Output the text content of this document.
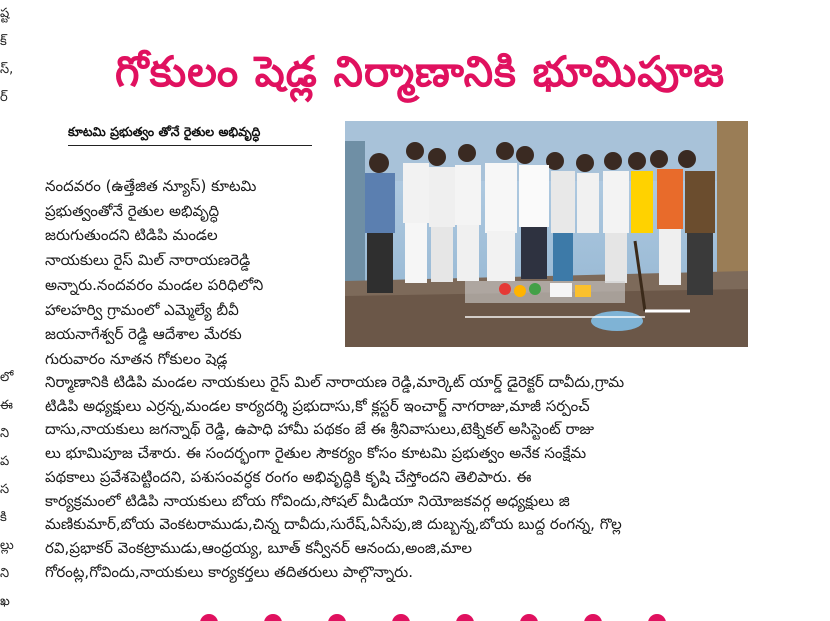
ష్ట
క్
స్,
ర్
లో
ఈ
ని
ప
స
కి
ల్లు
ని
ఖ
గోకులం షెడ్ల నిర్మాణానికి భూమిపూజ
కూటమి ప్రభుత్వం తోనే రైతుల అభివృద్ధి
నందవరం (ఉత్తేజిత న్యూస్) కూటమి
ప్రభుత్వంతోనే రైతుల అభివృద్ధి
జరుగుతుందని టిడిపి మండల
నాయకులు రైస్ మిల్ నారాయణరెడ్డి
అన్నారు.నందవరం మండల పరిధిలోని
హాలహర్వి గ్రామంలో ఎమ్మెల్యే బీవీ
జయనాగేశ్వర్ రెడ్డి ఆదేశాల మేరకు
గురువారం నూతన గోకులం షెడ్ల
నిర్మాణానికి టిడిపి మండల నాయకులు రైస్ మిల్ నారాయణ రెడ్డి,మార్కెట్ యార్డ్ డైరెక్టర్ దావీదు,గ్రామ
టిడిపి అధ్యక్షులు ఎర్రన్న,మండల కార్యదర్శి ప్రభుదాసు,కో క్లస్టర్ ఇంచార్జ్ నాగరాజు,మాజీ సర్పంచ్
దాసు,నాయకులు జగన్నాథ్ రెడ్డి, ఉపాధి హామీ పథకం జే ఈ శ్రీనివాసులు,టెక్నికల్ అసిస్టెంట్ రాజు
లు భూమిపూజ చేశారు. ఈ సందర్భంగా రైతుల సౌకర్యం కోసం కూటమి ప్రభుత్వం అనేక సంక్షేమ
పథకాలు ప్రవేశపెట్టిందని, పశుసంవర్ధక రంగం అభివృద్ధికి కృషి చేస్తోందని తెలిపారు. ఈ
కార్యక్రమంలో టిడిపి నాయకులు బోయ గోవిందు,సోషల్ మీడియా నియోజకవర్గ అధ్యక్షులు జి
మణికుమార్,బోయ వెంకటరాముడు,చిన్న దావీదు,సురేష్,ఏసేపు,జి దుబ్బన్న,బోయ బుద్ద రంగన్న, గొల్ల
రవి,ప్రభాకర్ వెంకట్రాముడు,ఆంధ్రయ్య, బూత్ కన్వీనర్ ఆనందు,అంజి,మాల
గోరంట్ల,గోవిందు,నాయకులు కార్యకర్తలు తదితరులు పాల్గొన్నారు.
